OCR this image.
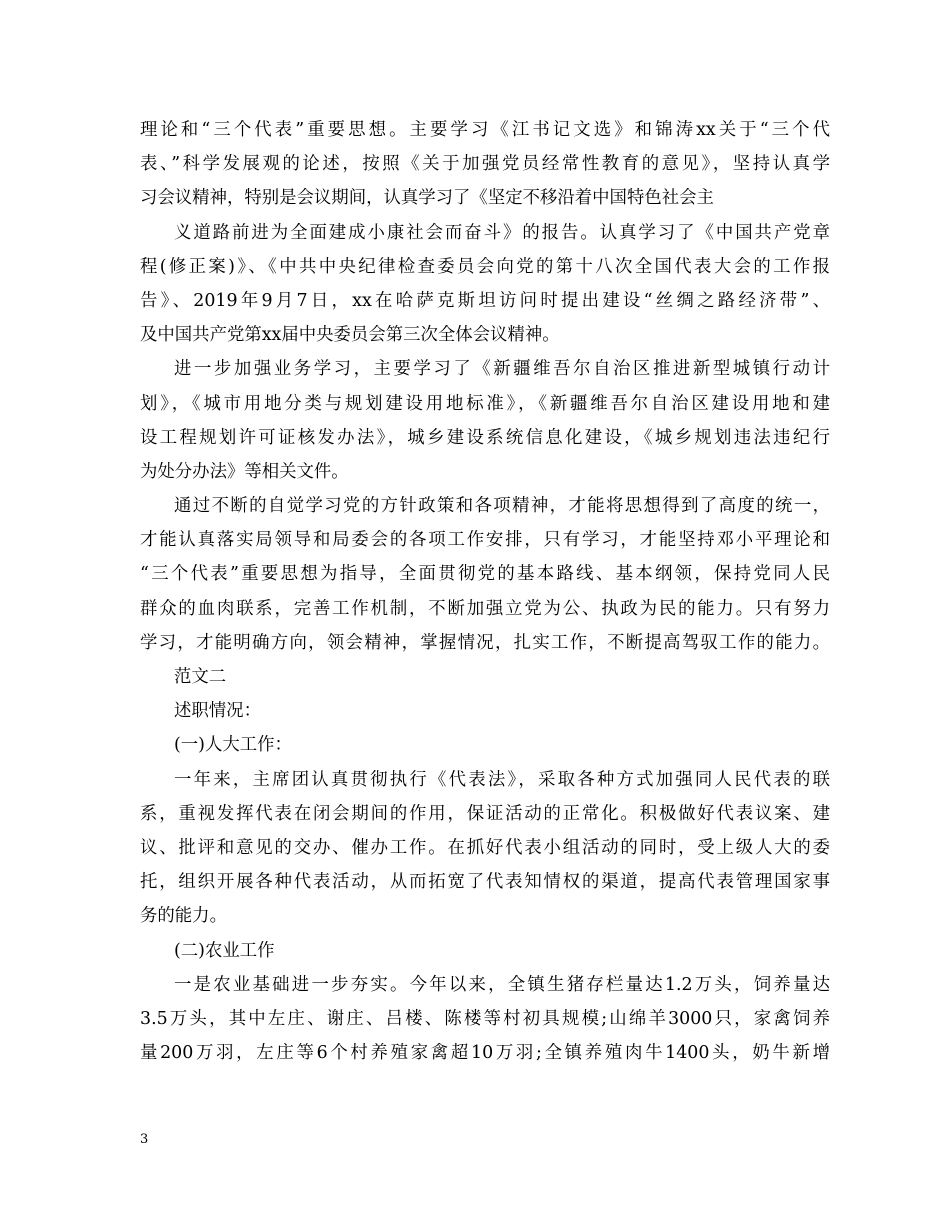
理论和“三个代表”重要思想。主要学习《江书记文选》和锦涛xx关于“三个代
表、”科学发展观的论述，按照《关于加强党员经常性教育的意见》，坚持认真学
习会议精神，特别是会议期间，认真学习了《坚定不移沿着中国特色社会主
义道路前进为全面建成小康社会而奋斗》的报告。认真学习了《中国共产党章
程(修正案)》、《中共中央纪律检查委员会向党的第十八次全国代表大会的工作报
告》、2019年9月7日，xx在哈萨克斯坦访问时提出建设“丝绸之路经济带”、
及中国共产党第xx届中央委员会第三次全体会议精神。
进一步加强业务学习，主要学习了《新疆维吾尔自治区推进新型城镇行动计
划》，《城市用地分类与规划建设用地标准》，《新疆维吾尔自治区建设用地和建
设工程规划许可证核发办法》，城乡建设系统信息化建设，《城乡规划违法违纪行
为处分办法》等相关文件。
通过不断的自觉学习党的方针政策和各项精神，才能将思想得到了高度的统一，
才能认真落实局领导和局委会的各项工作安排，只有学习，才能坚持邓小平理论和
“三个代表”重要思想为指导，全面贯彻党的基本路线、基本纲领，保持党同人民
群众的血肉联系，完善工作机制，不断加强立党为公、执政为民的能力。只有努力
学习，才能明确方向，领会精神，掌握情况，扎实工作，不断提高驾驭工作的能力。
范文二
述职情况：
(一)人大工作：
一年来，主席团认真贯彻执行《代表法》，采取各种方式加强同人民代表的联
系，重视发挥代表在闭会期间的作用，保证活动的正常化。积极做好代表议案、建
议、批评和意见的交办、催办工作。在抓好代表小组活动的同时，受上级人大的委
托，组织开展各种代表活动，从而拓宽了代表知情权的渠道，提高代表管理国家事
务的能力。
(二)农业工作
一是农业基础进一步夯实。今年以来，全镇生猪存栏量达1.2万头，饲养量达
3.5万头，其中左庄、谢庄、吕楼、陈楼等村初具规模;山绵羊3000只，家禽饲养
量200万羽，左庄等6个村养殖家禽超10万羽;全镇养殖肉牛1400头，奶牛新增
3
